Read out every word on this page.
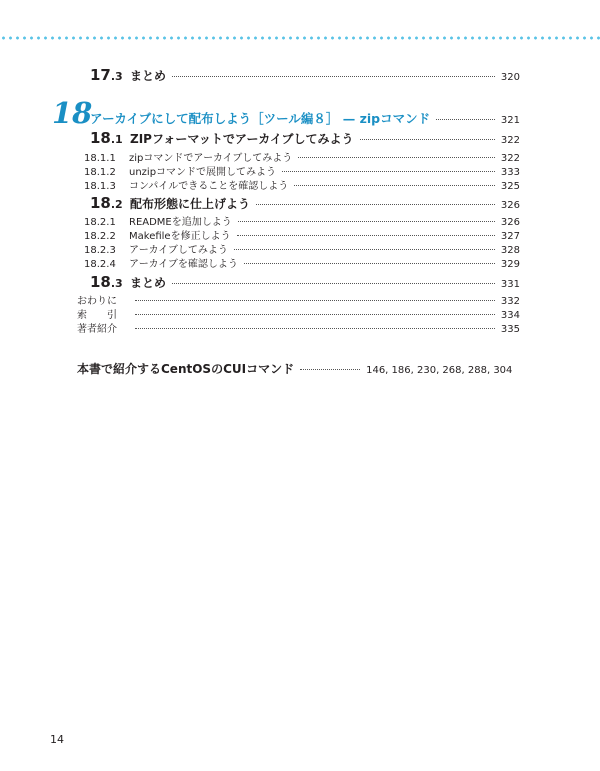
17.3 まとめ	320
18
アーカイブにして配布しよう［ツール編８］ — zipコマンド	321
18.1 ZIPフォーマットでアーカイブしてみよう	322
18.1.1	zipコマンドでアーカイブしてみよう	322
18.1.2	unzipコマンドで展開してみよう	333
18.1.3	コンパイルできることを確認しよう	325
18.2 配布形態に仕上げよう	326
18.2.1	READMEを追加しよう	326
18.2.2	Makefileを修正しよう	327
18.2.3	アーカイブしてみよう	328
18.2.4	アーカイブを確認しよう	329
18.3 まとめ	331
おわりに	332
索　　引	334
著者紹介	335
本書で紹介するCentOSのCUIコマンド	146, 186, 230, 268, 288, 304
14
